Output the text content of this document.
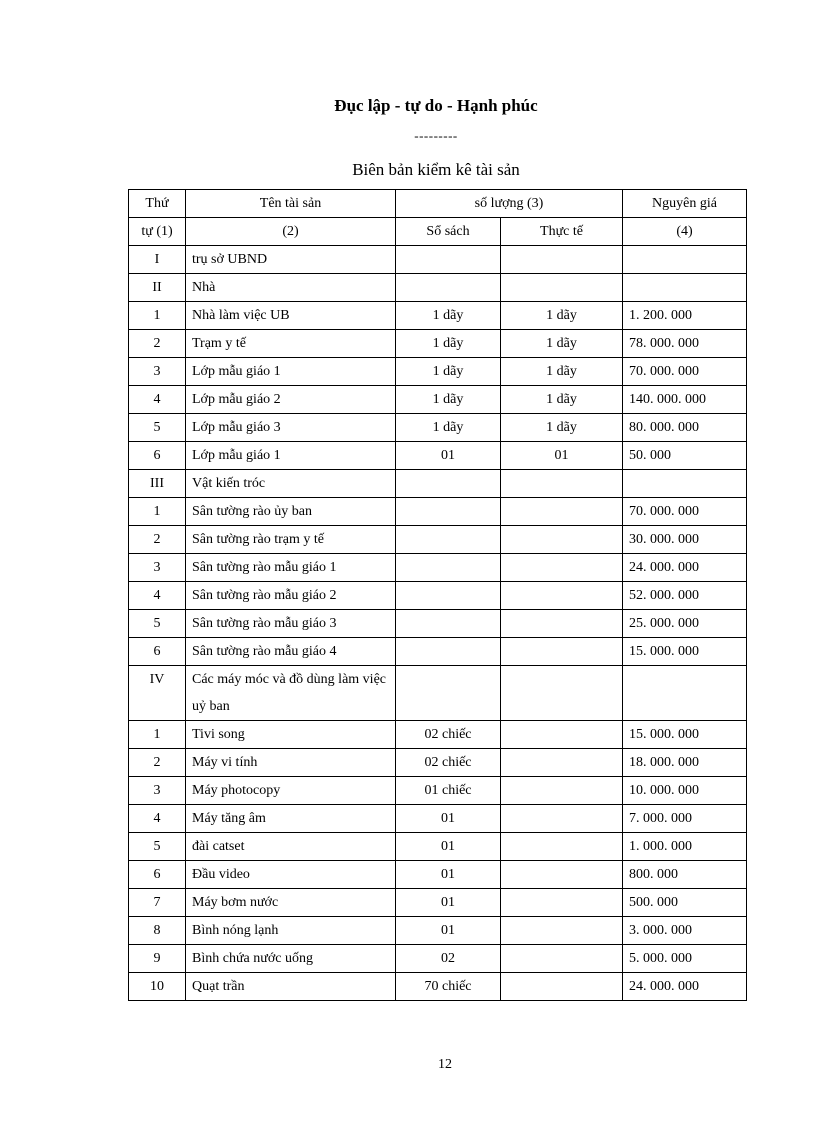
Đục lập - tự do - Hạnh phúc
---------
Biên bản kiểm kê tài sản
Thứ	Tên tài sản	số lượng (3)		Nguyên giá
tự (1)	(2)	Sổ sách	Thực tế	(4)
I	trụ sở UBND			
II	Nhà			
1	Nhà làm việc UB	1 dãy	1 dãy	1. 200. 000
2	Trạm y tế	1 dãy	1 dãy	78. 000. 000
3	Lớp mẫu giáo 1	1 dãy	1 dãy	70. 000. 000
4	Lớp mẫu giáo 2	1 dãy	1 dãy	140. 000. 000
5	Lớp mẫu giáo 3	1 dãy	1 dãy	80. 000. 000
6	Lớp mẫu giáo 1	01	01	50. 000
III	Vật kiến tróc			
1	Sân tường rào ủy ban			70. 000. 000
2	Sân tường rào trạm y tế			30. 000. 000
3	Sân tường rào mẫu giáo 1			24. 000. 000
4	Sân tường rào mẫu giáo 2			52. 000. 000
5	Sân tường rào mẫu giáo 3			25. 000. 000
6	Sân tường rào mẫu giáo 4			15. 000. 000
IV	Các máy móc và đồ dùng làm việc uỷ ban			
1	Tivi song	02 chiếc		15. 000. 000
2	Máy vi tính	02 chiếc		18. 000. 000
3	Máy photocopy	01 chiếc		10. 000. 000
4	Máy tăng âm	01		7. 000. 000
5	đài catset	01		1. 000. 000
6	Đầu video	01		800. 000
7	Máy bơm nước	01		500. 000
8	Bình nóng lạnh	01		3. 000. 000
9	Bình chứa nước uống	02		5. 000. 000
10	Quạt trần	70 chiếc		24. 000. 000
12
